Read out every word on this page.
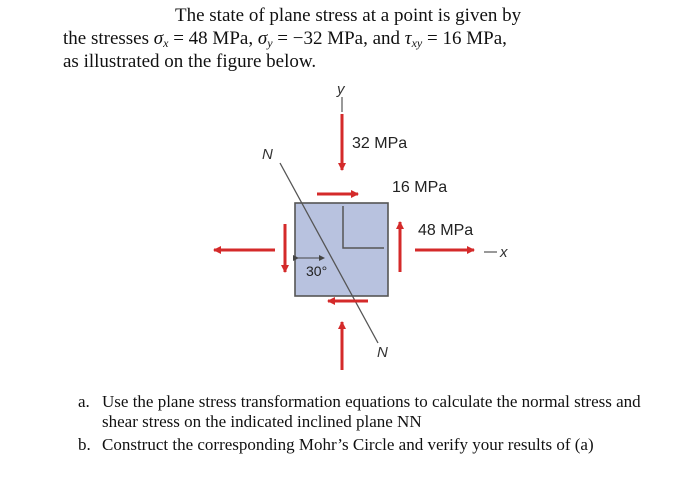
The state of plane stress at a point is given by
the stresses $\sigma_x = 48$ MPa, $\sigma_y = -32$ MPa, and $\tau_{xy} = 16$ MPa,
as illustrated on the figure below.
y
x
N
N
30°
32 MPa
16 MPa
48 MPa
a. Use the plane stress transformation equations to calculate the normal stress and shear stress on the indicated inclined plane NN
b. Construct the corresponding Mohr’s Circle and verify your results of (a)
